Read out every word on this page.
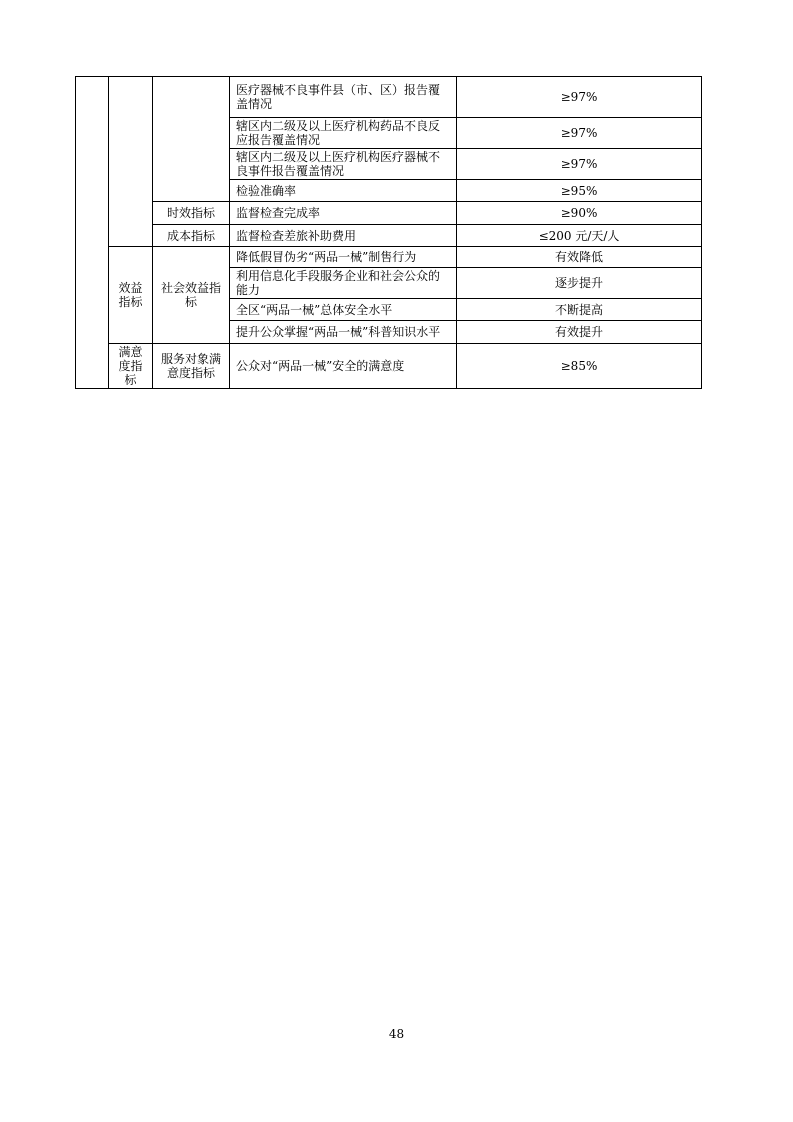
			医疗器械不良事件县（市、区）报告覆盖情况	≥97%
			辖区内二级及以上医疗机构药品不良反应报告覆盖情况	≥97%
			辖区内二级及以上医疗机构医疗器械不良事件报告覆盖情况	≥97%
			检验准确率	≥95%
		时效指标	监督检查完成率	≥90%
		成本指标	监督检查差旅补助费用	≤200 元/天/人
	效益指标	社会效益指标	降低假冒伪劣“两品一械”制售行为	有效降低
			利用信息化手段服务企业和社会公众的能力	逐步提升
			全区“两品一械”总体安全水平	不断提高
			提升公众掌握“两品一械”科普知识水平	有效提升
	满意度指标	服务对象满意度指标	公众对“两品一械”安全的满意度	≥85%
48
